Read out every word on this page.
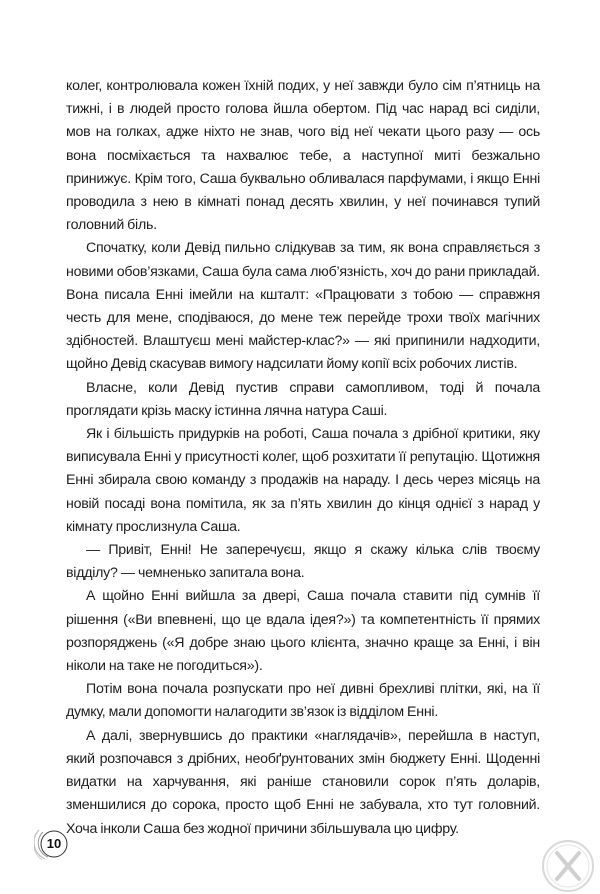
колег, контролювала кожен їхній подих, у неї завжди було сім п’ятниць на тижні, і в людей просто голова йшла обертом. Під час нарад всі сиділи, мов на голках, адже ніхто не знав, чого від неї чекати цього разу — ось вона посміхається та нахвалює тебе, а наступної миті безжально принижує. Крім того, Саша буквально обливалася парфумами, і якщо Енні проводила з нею в кімнаті понад десять хвилин, у неї починався тупий головний біль.

Спочатку, коли Девід пильно слідкував за тим, як вона справляється з новими обов’язками, Саша була сама люб’язність, хоч до рани прикладай. Вона писала Енні імейли на кшталт: «Працювати з тобою — справжня честь для мене, сподіваюся, до мене теж перейде трохи твоїх магічних здібностей. Влаштуєш мені майстер-клас?» — які припинили надходити, щойно Девід скасував вимогу надсилати йому копії всіх робочих листів.

Власне, коли Девід пустив справи самопливом, тоді й почала проглядати крізь маску істинна лячна натура Саші.

Як і більшість придурків на роботі, Саша почала з дрібної критики, яку виписувала Енні у присутності колег, щоб розхитати її репутацію. Щотижня Енні збирала свою команду з продажів на нараду. І десь через місяць на новій посаді вона помітила, як за п’ять хвилин до кінця однієї з нарад у кімнату прослизнула Саша.

— Привіт, Енні! Не заперечуєш, якщо я скажу кілька слів твоєму відділу? — чемненько запитала вона.

А щойно Енні вийшла за двері, Саша почала ставити під сумнів її рішення («Ви впевнені, що це вдала ідея?») та компетентність її прямих розпоряджень («Я добре знаю цього клієнта, значно краще за Енні, і він ніколи на таке не погодиться»).

Потім вона почала розпускати про неї дивні брехливі плітки, які, на її думку, мали допомогти налагодити зв’язок із відділом Енні.

А далі, звернувшись до практики «наглядачів», перейшла в наступ, який розпочався з дрібних, необґрунтованих змін бюджету Енні. Щоденні видатки на харчування, які раніше становили сорок п’ять доларів, зменшилися до сорока, просто щоб Енні не забувала, хто тут головний. Хоча інколи Саша без жодної причини збільшувала цю цифру.

10
